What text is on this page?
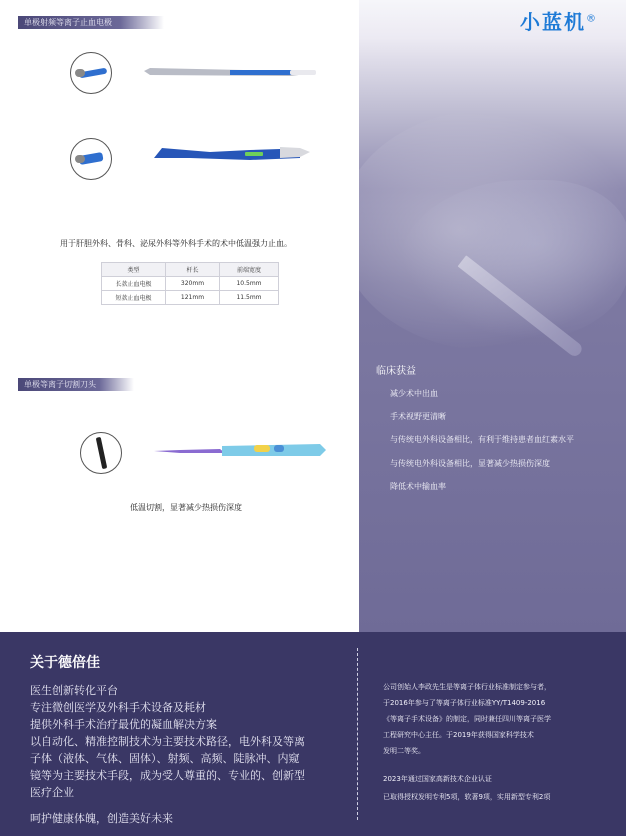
单极射频等离子止血电极
用于肝胆外科、骨科、泌尿外科等外科手术的术中低温强力止血。
类型	杆长	前端宽度
长款止血电极	320mm	10.5mm
短款止血电极	121mm	11.5mm
单极等离子切割刀头
低温切割，显著减少热损伤深度
小蓝机®
临床获益
减少术中出血
手术视野更清晰
与传统电外科设备相比，有利于维持患者血红素水平
与传统电外科设备相比，显著减少热损伤深度
降低术中输血率
关于德倍佳
医生创新转化平台
专注微创医学及外科手术设备及耗材
提供外科手术治疗最优的凝血解决方案
以自动化、精准控制技术为主要技术路径，电外科及等离
子体（液体、气体、固体）、射频、高频、陡脉冲、内窥
镜等为主要技术手段，成为受人尊重的、专业的、创新型
医疗企业
呵护健康体魄，创造美好未来
公司创始人李政先生是等离子体行业标准制定参与者，
于2016年参与了等离子体行业标准YY/T1409-2016
《等离子手术设备》的制定，同时兼任四川等离子医学
工程研究中心主任。于2019年获得国家科学技术
发明二等奖。
2023年通过国家高新技术企业认证
已取得授权发明专利5项，软著9项，实用新型专利2项
